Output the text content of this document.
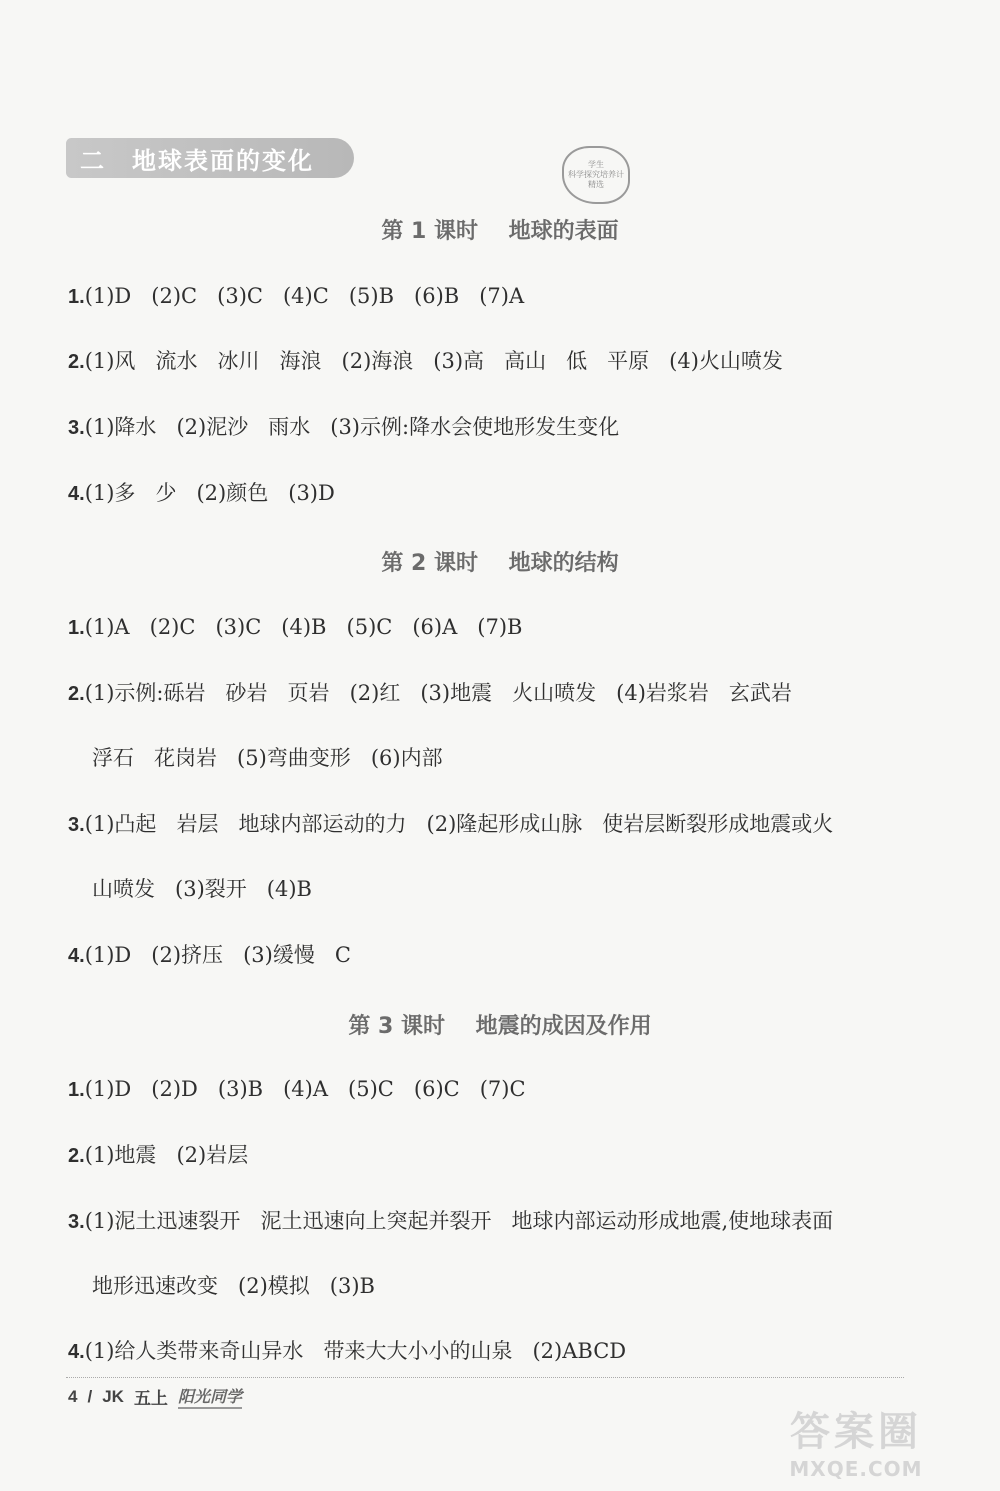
二 地球表面的变化	学生
科学探究培养计
精选
第 1 课时    地球的表面
1.(1)D   (2)C   (3)C   (4)C   (5)B   (6)B   (7)A
2.(1)风   流水   冰川   海浪   (2)海浪   (3)高   高山   低   平原   (4)火山喷发
3.(1)降水   (2)泥沙   雨水   (3)示例:降水会使地形发生变化
4.(1)多   少   (2)颜色   (3)D
第 2 课时    地球的结构
1.(1)A   (2)C   (3)C   (4)B   (5)C   (6)A   (7)B
2.(1)示例:砾岩   砂岩   页岩   (2)红   (3)地震   火山喷发   (4)岩浆岩   玄武岩
浮石   花岗岩   (5)弯曲变形   (6)内部
3.(1)凸起   岩层   地球内部运动的力   (2)隆起形成山脉   使岩层断裂形成地震或火
山喷发   (3)裂开   (4)B
4.(1)D   (2)挤压   (3)缓慢   C
第 3 课时    地震的成因及作用
1.(1)D   (2)D   (3)B   (4)A   (5)C   (6)C   (7)C
2.(1)地震   (2)岩层
3.(1)泥土迅速裂开   泥土迅速向上突起并裂开   地球内部运动形成地震,使地球表面
地形迅速改变   (2)模拟   (3)B
4.(1)给人类带来奇山异水   带来大大小小的山泉   (2)ABCD
4 / JK 五上 阳光同学
答案圈
MXQE.COM
